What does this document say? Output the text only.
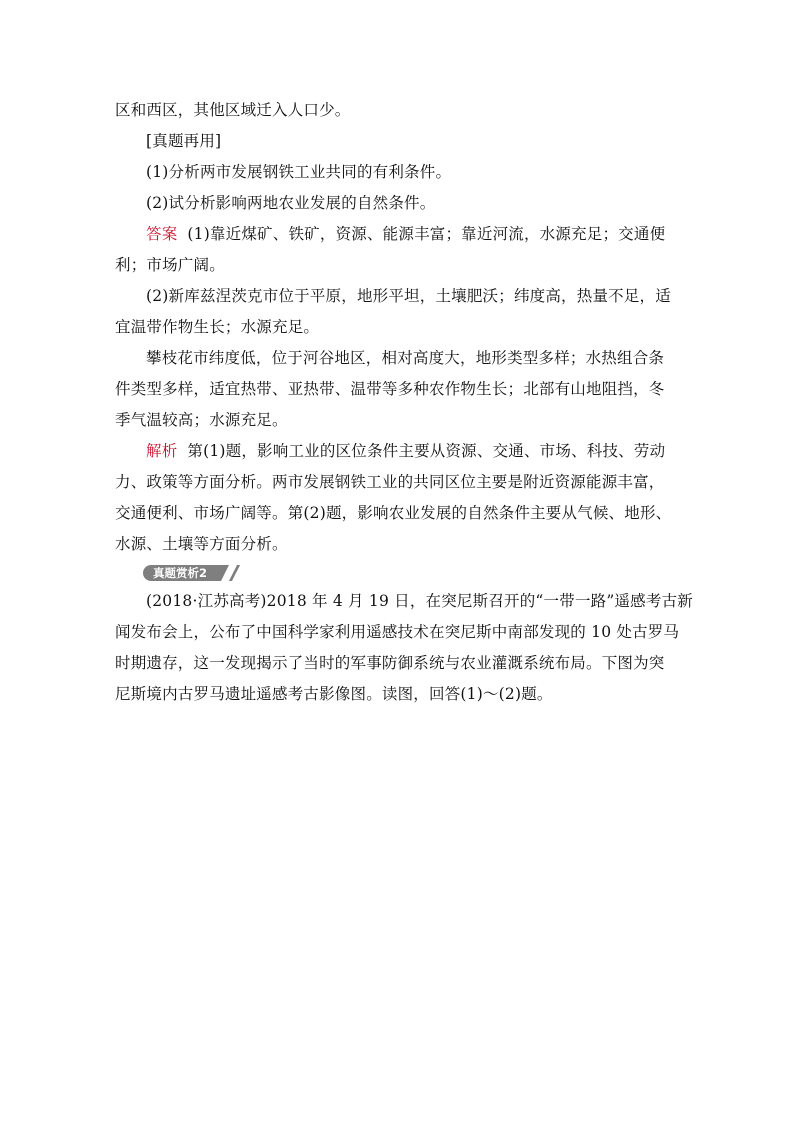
区和西区，其他区域迁入人口少。
[真题再用]
(1)分析两市发展钢铁工业共同的有利条件。
(2)试分析影响两地农业发展的自然条件。
答案 (1)靠近煤矿、铁矿，资源、能源丰富；靠近河流，水源充足；交通便
利；市场广阔。
(2)新库兹涅茨克市位于平原，地形平坦，土壤肥沃；纬度高，热量不足，适
宜温带作物生长；水源充足。
攀枝花市纬度低，位于河谷地区，相对高度大，地形类型多样；水热组合条
件类型多样，适宜热带、亚热带、温带等多种农作物生长；北部有山地阻挡，冬
季气温较高；水源充足。
解析 第(1)题，影响工业的区位条件主要从资源、交通、市场、科技、劳动
力、政策等方面分析。两市发展钢铁工业的共同区位主要是附近资源能源丰富，
交通便利、市场广阔等。第(2)题，影响农业发展的自然条件主要从气候、地形、
水源、土壤等方面分析。
真题赏析2
(2018·江苏高考)2018 年 4 月 19 日，在突尼斯召开的“一带一路”遥感考古新
闻发布会上，公布了中国科学家利用遥感技术在突尼斯中南部发现的 10 处古罗马
时期遗存，这一发现揭示了当时的军事防御系统与农业灌溉系统布局。下图为突
尼斯境内古罗马遗址遥感考古影像图。读图，回答(1)～(2)题。
